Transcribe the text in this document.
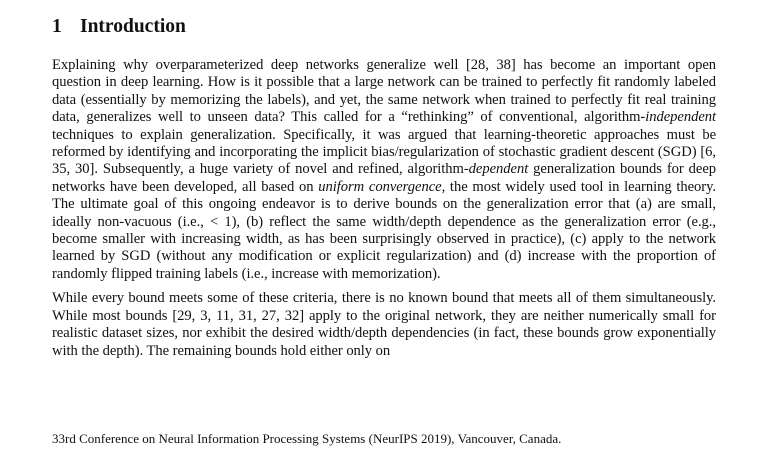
1 Introduction

Explaining why overparameterized deep networks generalize well [28, 38] has become an important open question in deep learning. How is it possible that a large network can be trained to perfectly fit randomly labeled data (essentially by memorizing the labels), and yet, the same network when trained to perfectly fit real training data, generalizes well to unseen data? This called for a “rethinking” of conventional, algorithm-independent techniques to explain generalization. Specifically, it was argued that learning-theoretic approaches must be reformed by identifying and incorporating the implicit bias/regularization of stochastic gradient descent (SGD) [6, 35, 30]. Subsequently, a huge variety of novel and refined, algorithm-dependent generalization bounds for deep networks have been developed, all based on uniform convergence, the most widely used tool in learning theory. The ultimate goal of this ongoing endeavor is to derive bounds on the generalization error that (a) are small, ideally non-vacuous (i.e., < 1), (b) reflect the same width/depth dependence as the generalization error (e.g., become smaller with increasing width, as has been surprisingly observed in practice), (c) apply to the network learned by SGD (without any modification or explicit regularization) and (d) increase with the proportion of randomly flipped training labels (i.e., increase with memorization).

While every bound meets some of these criteria, there is no known bound that meets all of them simultaneously. While most bounds [29, 3, 11, 31, 27, 32] apply to the original network, they are neither numerically small for realistic dataset sizes, nor exhibit the desired width/depth dependencies (in fact, these bounds grow exponentially with the depth). The remaining bounds hold either only on

33rd Conference on Neural Information Processing Systems (NeurIPS 2019), Vancouver, Canada.
